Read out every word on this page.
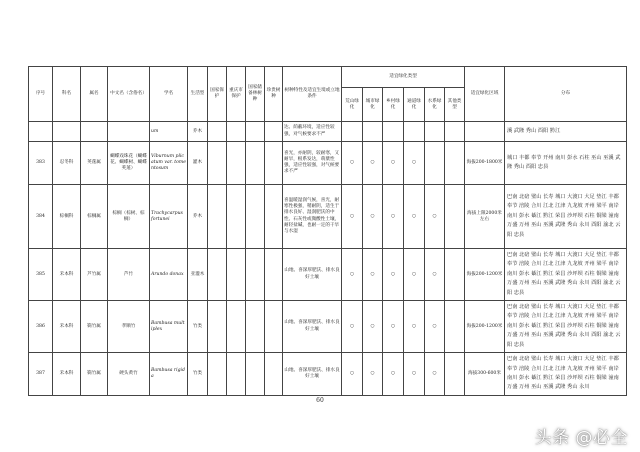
序号	科名	属名	中文名（含俗名）	学名	生活型	国家保护	重庆市保护	国家储备林树种	珍贵树种	树种特性及适宜生境或立地条件	适宜绿化类型						适宜绿化区域	分布
											荒山绿化	城市绿化	乡村绿化	通道绿化	水系绿化	其他类型		
				um	乔木					达、荫蔽环境，适应性较强，对气候要求不严								溪 武隆 秀山 酉阳 黔江
383	忍冬科	荚蒾属	蝴蝶戏珠花（蝴蝶花、蝴蝶树、蝴蝶荚蒾）	Viburnum plicatum var. tomentosum	灌木					喜光，亦耐阴，较耐寒，又耐旱，根系发达，萌蘖性强，适应性较强，对气候要求不严	○	○	○	○			海拔200-1800米	城口 丰都 奉节 开州 南川 彭水 石柱 巫山 巫溪 武隆 秀山 酉阳 忠县
384	棕榈科	棕榈属	棕榈（棕树、棕榈）	Trachycarpus fortunei	乔木					喜温暖湿润气候，喜光，耐寒性极强，稍耐阴，适生于排水良好、湿润肥沃的中性、石灰性或微酸性土壤，耐轻盐碱，也耐一定的干旱与水湿	○	○	○	○	○		海拔上限2000米左右	巴南 北碚 璧山 长寿 城口 大渡口 大足 垫江 丰都 奉节 涪陵 合川 江北 江津 九龙坡 开州 梁平 南岸 南川 彭水 綦江 黔江 荣昌 沙坪坝 石柱 铜梁 潼南 万盛 万州 巫山 巫溪 武隆 秀山 永川 酉阳 渝北 云阳 忠县
385	禾本科	芦竹属	芦竹	Arundo donax	亚灌木					山地、喜深厚肥沃、排水良好土壤	○	○	○	○	○		海拔200-1200米	巴南 北碚 璧山 长寿 城口 大渡口 大足 垫江 丰都 奉节 涪陵 合川 江北 江津 九龙坡 开州 梁平 南岸 南川 彭水 綦江 黔江 荣昌 沙坪坝 石柱 铜梁 潼南 万盛 万州 巫山 巫溪 武隆 秀山 永川 酉阳 渝北 云阳 忠县
386	禾本科	箣竹属	孝顺竹	Bambusa multiplex	竹类					山地、喜深厚肥沃、排水良好土壤	○	○	○	○	○		海拔200-1200米	巴南 北碚 璧山 长寿 城口 大渡口 大足 垫江 丰都 奉节 涪陵 合川 江北 江津 九龙坡 开州 梁平 南岸 南川 彭水 綦江 黔江 荣昌 沙坪坝 石柱 铜梁 潼南 万盛 万州 巫山 巫溪 武隆 秀山 永川 酉阳 渝北 云阳 忠县
387	禾本科	箣竹属	硬头黄竹	Bambusa rigida	竹类					山地、喜深厚肥沃、排水良好土壤	○	○	○	○	○		海拔300-600米	巴南 北碚 璧山 长寿 城口 大渡口 大足 垫江 丰都 奉节 涪陵 合川 江北 江津 九龙坡 开州 梁平 南岸 南川 彭水 綦江 黔江 荣昌 沙坪坝 石柱 铜梁 潼南 万盛 万州 巫山 巫溪 武隆 秀山 永川
60
头条 @必全
